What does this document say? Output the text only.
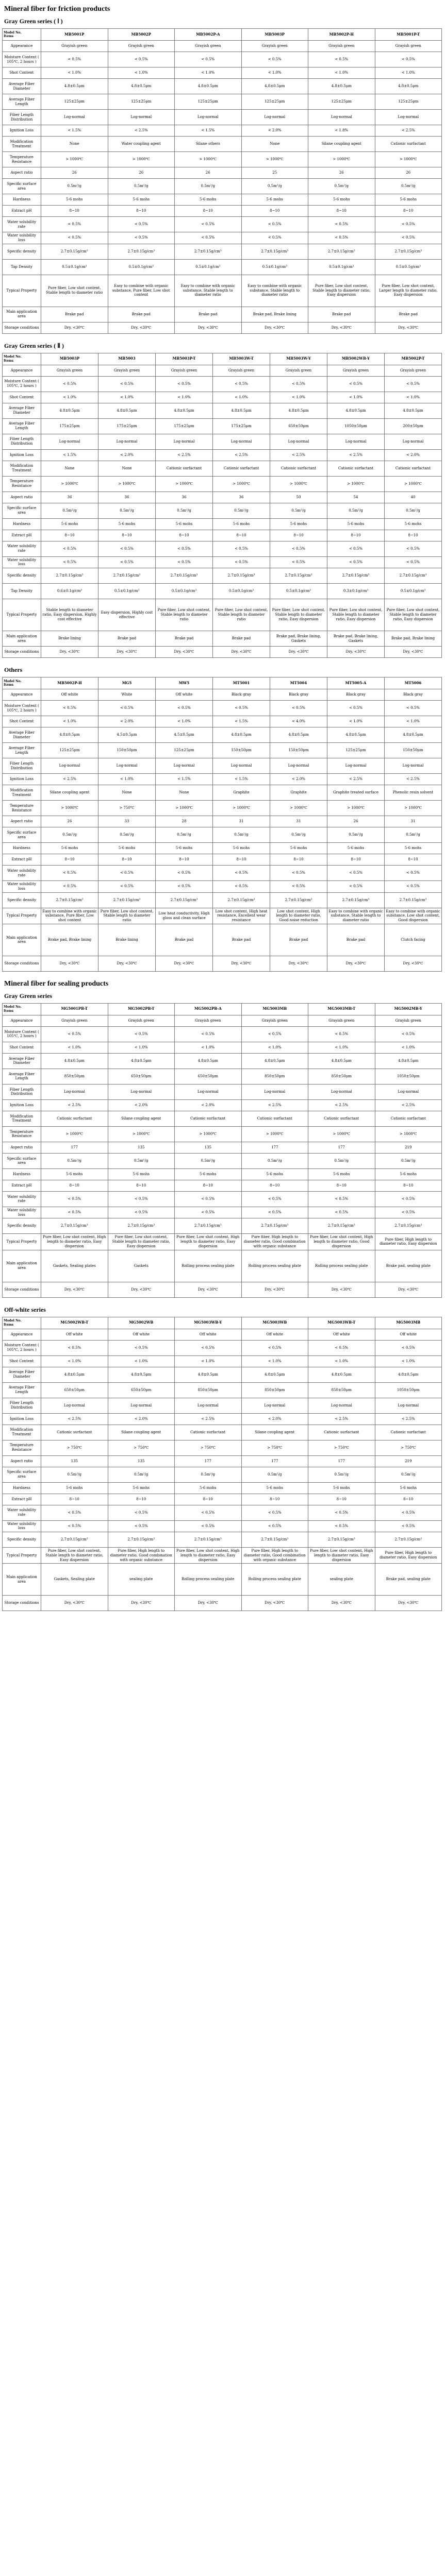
Mineral fiber for friction products
Gray Green series ( Ⅰ )
Model No.
Items	MB5001P	MB5002P	MB5002P-A	MB5003P	MB5002P-H	MB5001P-T
Appearance	Grayish green	Grayish green	Grayish green	Grayish green	Grayish green	Grayish green
Moisture Content ( 105℃, 2 hours )	< 0.5%	< 0.5%	< 0.5%	< 0.5%	< 0.5%	< 0.5%
Shot Content	< 1.0%	< 1.0%	< 1.0%	< 1.0%	< 1.0%	< 1.0%
Average Fiber Diameter	4.8±0.5μm	4.8±0.5μm	4.8±0.5μm	4.8±0.5μm	4.8±0.5μm	4.8±0.5μm
Average Fiber Length	125±25μm	125±25μm	125±25μm	125±25μm	125±25μm	125±25μm
Fiber Length Distribution	Log-normal	Log-normal	Log-normal	Log-normal	Log-normal	Log-normal
Ignition Loss	< 1.5%	< 2.5%	< 1.5%	< 2.0%	< 1.8%	< 2.5%
Modification Treatment	None	Water coupling agent	Silane others	None	Silane coupling agent	Cationic surfactant
Temperature Resistance	> 1000℃	> 1000℃	> 1000℃	> 1000℃	> 1000℃	> 1000℃
Aspect ratio	26	26	26	25	26	26
Specific surface area	0.5m²/g	0.5m²/g	0.5m²/g	0.5m²/g	0.5m²/g	0.5m²/g
Hardness	5-6 mohs	5-6 mohs	5-6 mohs	5-6 mohs	5-6 mohs	5-6 mohs
Extract pH	8~10	8~10	8~10	8~10	8~10	8~10
Water solubility rate	< 0.5%	< 0.5%	< 0.5%	< 0.5%	< 0.5%	< 0.5%
Water solubility loss	< 0.5%	< 0.5%	< 0.5%	< 0.5%	< 0.5%	< 0.5%
Specific density	2.7±0.15g/cm³	2.7±0.15g/cm³	2.7±0.15g/cm³	2.7±0.15g/cm³	2.7±0.15g/cm³	2.7±0.15g/cm³
Tap Density	0.5±0.1g/cm³	0.5±0.1g/cm³	0.5±0.1g/cm³	0.5±0.1g/cm³	0.5±0.1g/cm³	0.5±0.1g/cm³
Typical Property	Pure fiber, Low shot content, Stable length to diameter ratio	Easy to combine with organic substance, Pure fiber, Low shot content	Easy to combine with organic substance, Stable length to diameter ratio	Easy to combine with organic substance, Stable length to diameter ratio	Pure fiber, Low shot content, Stable length to diameter ratio, Easy dispersion	Pure fiber, Low shot content, Larger length to diameter ratio, Easy dispersion
Main application area	Brake pad	Brake pad	Brake pad	Brake pad, Brake lining	Brake pad	Brake pad
Storage conditions	Dry, <30℃	Dry, <30℃	Dry, <30℃	Dry, <30℃	Dry, <30℃	Dry, <30℃
Gray Green series ( Ⅱ )
Model No.
Items	MB5003P	MB5003	MB5003P-T	MB5003W-T	MB5003W-Y	MB5002WB-Y	MB5002P-T
Appearance	Grayish green	Grayish green	Grayish green	Grayish green	Grayish green	Grayish green	Grayish green
Moisture Content ( 105℃, 2 hours )	< 0.5%	< 0.5%	< 0.5%	< 0.5%	< 0.5%	< 0.5%	< 0.5%
Shot Content	< 1.0%	< 1.0%	< 1.0%	< 1.0%	< 1.0%	< 1.0%	< 1.0%
Average Fiber Diameter	4.8±0.5μm	4.8±0.5μm	4.8±0.5μm	4.8±0.5μm	4.8±0.5μm	4.8±0.5μm	4.8±0.5μm
Average Fiber Length	175±25μm	175±25μm	175±25μm	175±25μm	650±50μm	1050±50μm	200±50μm
Fiber Length Distribution	Log-normal	Log-normal	Log-normal	Log-normal	Log-normal	Log-normal	Log-normal
Ignition Loss	< 1.5%	< 2.0%	< 2.5%	< 2.5%	< 2.5%	< 2.5%	< 2.0%
Modification Treatment	None	None	Cationic surfactant	Cationic surfactant	Cationic surfactant	Cationic surfactant	Cationic surfactant
Temperature Resistance	> 1000℃	> 1000℃	> 1000℃	> 1000℃	> 1000℃	> 1000℃	> 1000℃
Aspect ratio	36	36	36	36	50	54	40
Specific surface area	0.5m²/g	0.5m²/g	0.5m²/g	0.5m²/g	0.5m²/g	0.5m²/g	0.5m²/g
Hardness	5-6 mohs	5-6 mohs	5-6 mohs	5-6 mohs	5-6 mohs	5-6 mohs	5-6 mohs
Extract pH	8~10	8~10	8~10	8~10	8~10	8~10	8~10
Water solubility rate	< 0.5%	< 0.5%	< 0.5%	< 0.5%	< 0.5%	< 0.5%	< 0.5%
Water solubility loss	< 0.5%	< 0.5%	< 0.5%	< 0.5%	< 0.5%	< 0.5%	< 0.5%
Specific density	2.7±0.15g/cm³	2.7±0.15g/cm³	2.7±0.15g/cm³	2.7±0.15g/cm³	2.7±0.15g/cm³	2.7±0.15g/cm³	2.7±0.15g/cm³
Tap Density	0.6±0.1g/cm³	0.5±0.1g/cm³	0.5±0.1g/cm³	0.5±0.1g/cm³	0.5±0.1g/cm³	0.3±0.1g/cm³	0.5±0.1g/cm³
Typical Property	Stable length to diameter ratio, Easy dispersion, Highly cost effective	Easy dispersion, Highly cost effective	Pure fiber, Low shot content, Stable length to diameter ratio	Pure fiber, Low shot content, Stable length to diameter ratio	Pure fiber, Low shot content, Stable length to diameter ratio, Easy dispersion	Pure fiber, Low shot content, Stable length to diameter ratio, Easy dispersion	Pure fiber, Low shot content, Stable length to diameter ratio, Easy dispersion
Main application area	Brake lining	Brake pad	Brake pad	Brake pad	Brake pad, Brake lining, Gaskets	Brake pad, Brake lining, Gaskets	Brake pad, Brake lining
Storage conditions	Dry, <30℃	Dry, <30℃	Dry, <30℃	Dry, <30℃	Dry, <30℃	Dry, <30℃	Dry, <30℃
Others
Model No.
Items	MB5002P-H	MG5	MW5	MT5001	MT5004	MT5005-A	MT5006
Appearance	Off white	White	Off white	Black gray	Black gray	Black gray	Black gray
Moisture Content ( 105℃, 2 hours )	< 0.5%	< 0.5%	< 0.5%	< 0.5%	< 0.5%	< 0.5%	< 0.5%
Shot Content	< 1.0%	< 2.0%	< 1.0%	< 1.5%	< 4.0%	< 1.0%	< 1.0%
Average Fiber Diameter	4.8±0.5μm	4.5±0.5μm	4.5±0.5μm	4.8±0.5μm	4.8±0.5μm	4.8±0.5μm	4.8±0.5μm
Average Fiber Length	125±25μm	150±50μm	125±25μm	150±50μm	150±50μm	125±25μm	150±50μm
Fiber Length Distribution	Log-normal	Log-normal	Log-normal	Log-normal	Log-normal	Log-normal	Log-normal
Ignition Loss	< 2.5%	< 1.0%	< 1.5%	< 1.5%	< 2.0%	< 2.5%	< 2.5%
Modification Treatment	Silane coupling agent	None	None	Graphite	Graphite	Graphite treated surface	Phenolic resin solvent
Temperature Resistance	> 1000℃	> 750℃	> 1000℃	> 1000℃	> 1000℃	> 1000℃	> 1000℃
Aspect ratio	26	33	28	31	31	26	31
Specific surface area	0.5m²/g	0.5m²/g	0.5m²/g	0.5m²/g	0.5m²/g	0.5m²/g	0.5m²/g
Hardness	5-6 mohs	5-6 mohs	5-6 mohs	5-6 mohs	5-6 mohs	5-6 mohs	5-6 mohs
Extract pH	8~10	8~10	8~10	8~10	8~10	8~10	8~10
Water solubility rate	< 0.5%	< 0.5%	< 0.5%	< 0.5%	< 0.5%	< 0.5%	< 0.5%
Water solubility loss	< 0.5%	< 0.5%	< 0.5%	< 0.5%	< 0.5%	< 0.5%	< 0.5%
Specific density	2.7±0.15g/cm³	2.7±0.15g/cm³	2.7±0.15g/cm³	2.7±0.15g/cm³	2.7±0.15g/cm³	2.7±0.15g/cm³	2.7±0.15g/cm³
Typical Property	Easy to combine with organic substance, Pure fiber, Low shot content	Pure fiber, Low shot content, Stable length to diameter ratio	Low heat conductivity, High gloss and clean surface	Low shot content, High heat resistance, Excellent wear resistance	Low shot content, High length to diameter ratio, Good noise reduction	Easy to combine with organic substance, Stable length to diameter ratio	Easy to combine with organic substance, Low shot content, Good dispersion
Main application area	Brake pad, Brake lining	Brake lining	Brake pad	Brake pad	Brake pad	Brake pad	Clutch facing
Storage conditions	Dry, <30℃	Dry, <30℃	Dry, <30℃	Dry, <30℃	Dry, <30℃	Dry, <30℃	Dry, <30℃
Mineral fiber for sealing products
Gray Green series
Model No.
Items	MG5001PB-T	MG5002PB-T	MG5002PB-A	MG5003MB	MG5003MB-T	MG5002MB-Y
Appearance	Grayish green	Grayish green	Grayish green	Grayish green	Grayish green	Grayish green
Moisture Content ( 105℃, 2 hours )	< 0.5%	< 0.5%	< 0.5%	< 0.5%	< 0.5%	< 0.5%
Shot Content	< 1.0%	< 1.0%	< 1.0%	< 1.0%	< 1.0%	< 1.0%
Average Fiber Diameter	4.8±0.5μm	4.8±0.5μm	4.8±0.5μm	4.8±0.5μm	4.8±0.5μm	4.8±0.5μm
Average Fiber Length	850±50μm	650±50μm	650±50μm	850±50μm	850±50μm	1050±50μm
Fiber Length Distribution	Log-normal	Log-normal	Log-normal	Log-normal	Log-normal	Log-normal
Ignition Loss	< 2.5%	< 2.0%	< 2.0%	< 2.5%	< 2.5%	< 2.5%
Modification Treatment	Cationic surfactant	Silane coupling agent	Cationic surfactant	Cationic surfactant	Cationic surfactant	Cationic surfactant
Temperature Resistance	> 1000℃	> 1000℃	> 1000℃	> 1000℃	> 1000℃	> 1000℃
Aspect ratio	177	135	135	177	177	219
Specific surface area	0.5m²/g	0.5m²/g	0.5m²/g	0.5m²/g	0.5m²/g	0.5m²/g
Hardness	5-6 mohs	5-6 mohs	5-6 mohs	5-6 mohs	5-6 mohs	5-6 mohs
Extract pH	8~10	8~10	8~10	8~10	8~10	8~10
Water solubility rate	< 0.5%	< 0.5%	< 0.5%	< 0.5%	< 0.5%	< 0.5%
Water solubility loss	< 0.5%	< 0.5%	< 0.5%	< 0.5%	< 0.5%	< 0.5%
Specific density	2.7±0.15g/cm³	2.7±0.15g/cm³	2.7±0.15g/cm³	2.7±0.15g/cm³	2.7±0.15g/cm³	2.7±0.15g/cm³
Typical Property	Pure fiber, Low shot content, High length to diameter ratio, Easy dispersion	Pure fiber, Low shot content, Stable length to diameter ratio, Easy dispersion	Pure fiber, Low shot content, High length to diameter ratio, Easy dispersion	Pure fiber, High length to diameter ratio, Good combination with organic substance	Pure fiber, Low shot content, High length to diameter ratio, Good dispersion	Pure fiber, High length to diameter ratio, Easy dispersion
Main application area	Gaskets, Sealing plates	Gaskets	Rolling process sealing plate	Rolling process sealing plate	Rolling process sealing plate	Brake pad, sealing plate
Storage conditions	Dry, <30℃	Dry, <30℃	Dry, <30℃	Dry, <30℃	Dry, <30℃	Dry, <30℃
Off-white series
Model No.
Items	MG5002WB-T	MG5002WB	MG5003WB-Y	MG5003WB	MG5003WB-T	MG5003MB
Appearance	Off white	Off white	Off white	Off white	Off white	Off white
Moisture Content ( 105℃, 2 hours )	< 0.5%	< 0.5%	< 0.5%	< 0.5%	< 0.5%	< 0.5%
Shot Content	< 1.0%	< 1.0%	< 1.0%	< 1.0%	< 1.0%	< 1.0%
Average Fiber Diameter	4.8±0.5μm	4.8±0.5μm	4.8±0.5μm	4.8±0.5μm	4.8±0.5μm	4.8±0.5μm
Average Fiber Length	650±50μm	650±50μm	850±50μm	850±50μm	850±50μm	1050±50μm
Fiber Length Distribution	Log-normal	Log-normal	Log-normal	Log-normal	Log-normal	Log-normal
Ignition Loss	< 2.5%	< 2.0%	< 2.5%	< 2.0%	< 2.5%	< 2.5%
Modification Treatment	Cationic surfactant	Silane coupling agent	Cationic surfactant	Silane coupling agent	Cationic surfactant	Cationic surfactant
Temperature Resistance	> 750℃	> 750℃	> 750℃	> 750℃	> 750℃	> 750℃
Aspect ratio	135	135	177	177	177	219
Specific surface area	0.5m²/g	0.5m²/g	0.5m²/g	0.5m²/g	0.5m²/g	0.5m²/g
Hardness	5-6 mohs	5-6 mohs	5-6 mohs	5-6 mohs	5-6 mohs	5-6 mohs
Extract pH	8~10	8~10	8~10	8~10	8~10	8~10
Water solubility rate	< 0.5%	< 0.5%	< 0.5%	< 0.5%	< 0.5%	< 0.5%
Water solubility loss	< 0.5%	< 0.5%	< 0.5%	< 0.5%	< 0.5%	< 0.5%
Specific density	2.7±0.15g/cm³	2.7±0.15g/cm³	2.7±0.15g/cm³	2.7±0.15g/cm³	2.7±0.15g/cm³	2.7±0.15g/cm³
Typical Property	Pure fiber, Low shot content, Stable length to diameter ratio, Easy dispersion	Pure fiber, High length to diameter ratio, Good combination with organic substance	Pure fiber, Low shot content, High length to diameter ratio, Easy dispersion	Pure fiber, High length to diameter ratio, Good combination with organic substance	Pure fiber, Low shot content, High length to diameter ratio, Easy dispersion	Pure fiber, High length to diameter ratio, Easy dispersion
Main application area	Gaskets, Sealing plate	sealing plate	Rolling process sealing plate	Rolling process sealing plate	sealing plate	Brake pad, sealing plate
Storage conditions	Dry, <30℃	Dry, <30℃	Dry, <30℃	Dry, <30℃	Dry, <30℃	Dry, <30℃
